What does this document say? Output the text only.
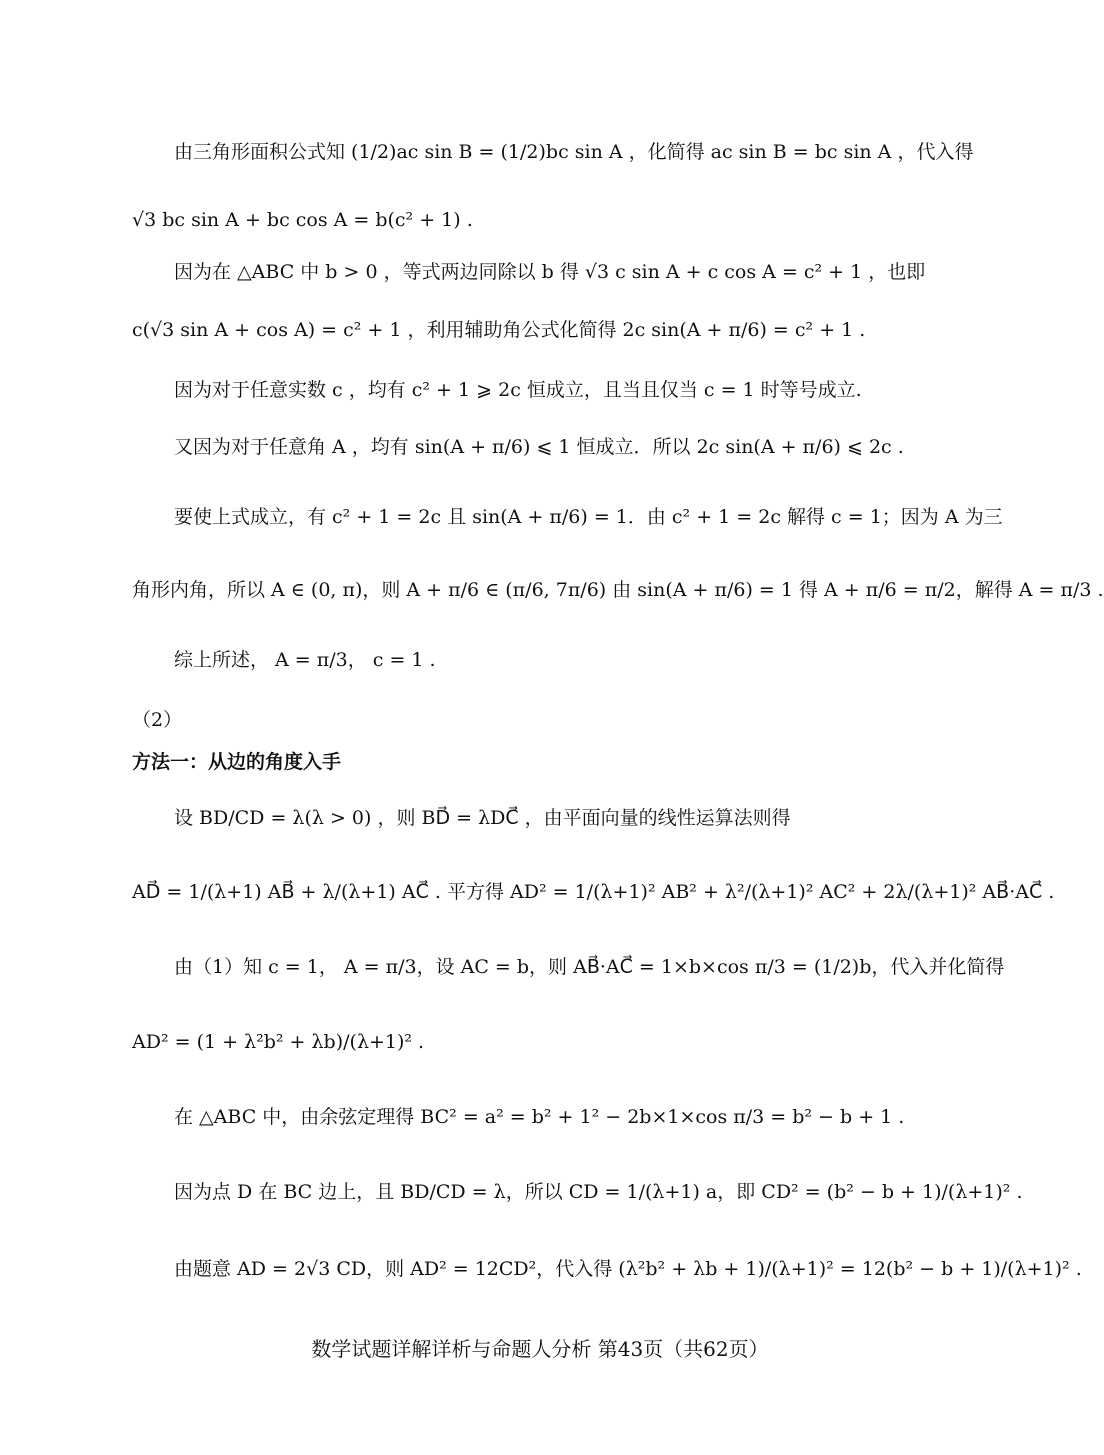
由三角形面积公式知 (1/2)ac sin B = (1/2)bc sin A ，化简得 ac sin B = bc sin A ，代入得
√3 bc sin A + bc cos A = b(c² + 1) .
因为在 △ABC 中 b > 0 ，等式两边同除以 b 得 √3 c sin A + c cos A = c² + 1 ，也即
c(√3 sin A + cos A) = c² + 1 ，利用辅助角公式化简得 2c sin(A + π/6) = c² + 1 .
因为对于任意实数 c ，均有 c² + 1 ⩾ 2c 恒成立，且当且仅当 c = 1 时等号成立.
又因为对于任意角 A ，均有 sin(A + π/6) ⩽ 1 恒成立．所以 2c sin(A + π/6) ⩽ 2c .
要使上式成立，有 c² + 1 = 2c 且 sin(A + π/6) = 1．由 c² + 1 = 2c 解得 c = 1；因为 A 为三
角形内角，所以 A ∈ (0, π)，则 A + π/6 ∈ (π/6, 7π/6) 由 sin(A + π/6) = 1 得 A + π/6 = π/2，解得 A = π/3 .
综上所述， A = π/3， c = 1 .
（2）
方法一：从边的角度入手
设 BD/CD = λ(λ > 0) ，则 BD⃗ = λDC⃗ ，由平面向量的线性运算法则得
AD⃗ = 1/(λ+1) AB⃗ + λ/(λ+1) AC⃗ . 平方得 AD² = 1/(λ+1)² AB² + λ²/(λ+1)² AC² + 2λ/(λ+1)² AB⃗·AC⃗ .
由（1）知 c = 1， A = π/3，设 AC = b，则 AB⃗·AC⃗ = 1×b×cos π/3 = (1/2)b，代入并化简得
AD² = (1 + λ²b² + λb)/(λ+1)² .
在 △ABC 中，由余弦定理得 BC² = a² = b² + 1² − 2b×1×cos π/3 = b² − b + 1 .
因为点 D 在 BC 边上，且 BD/CD = λ，所以 CD = 1/(λ+1) a，即 CD² = (b² − b + 1)/(λ+1)² .
由题意 AD = 2√3 CD，则 AD² = 12CD²，代入得 (λ²b² + λb + 1)/(λ+1)² = 12(b² − b + 1)/(λ+1)² .
数学试题详解详析与命题人分析 第43页（共62页）
